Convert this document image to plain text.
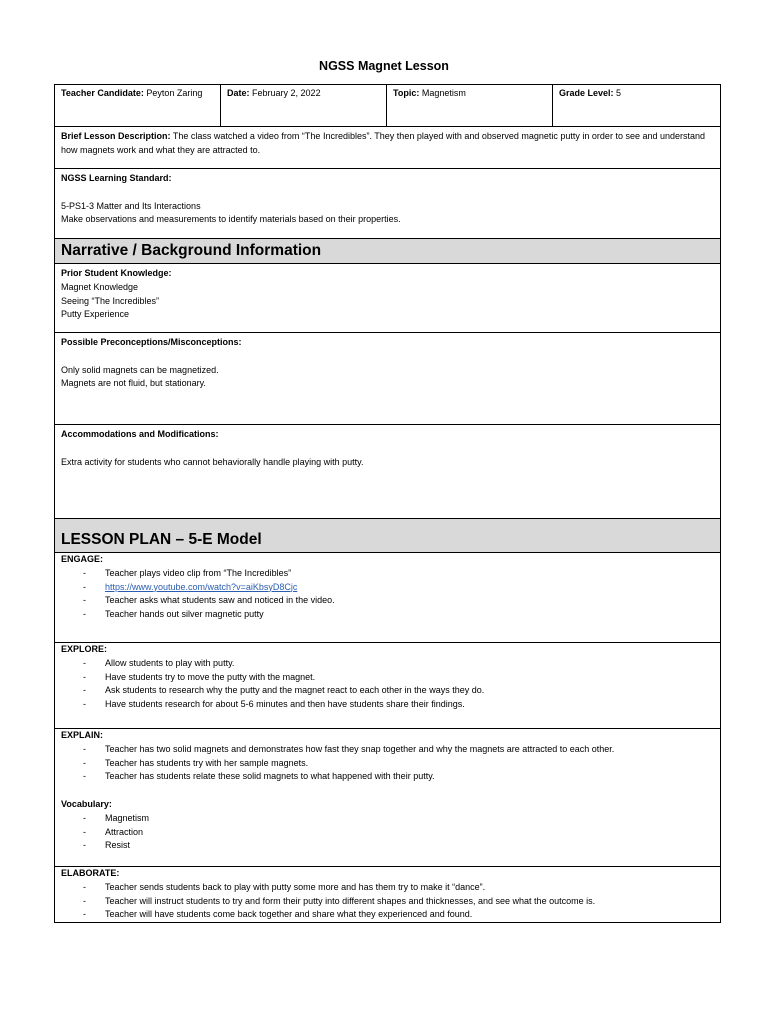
NGSS Magnet Lesson
Teacher Candidate: Peyton Zaring	Date: February 2, 2022	Topic: Magnetism	Grade Level: 5
Brief Lesson Description: The class watched a video from “The Incredibles”. They then played with and observed magnetic putty in order to see and understand how magnets work and what they are attracted to.
NGSS Learning Standard:
5-PS1-3 Matter and Its Interactions
Make observations and measurements to identify materials based on their properties.
Narrative / Background Information
Prior Student Knowledge:
Magnet Knowledge
Seeing “The Incredibles”
Putty Experience
Possible Preconceptions/Misconceptions:
Only solid magnets can be magnetized.
Magnets are not fluid, but stationary.
Accommodations and Modifications:
Extra activity for students who cannot behaviorally handle playing with putty.
LESSON PLAN – 5-E Model
ENGAGE:
- Teacher plays video clip from “The Incredibles”
- https://www.youtube.com/watch?v=aiKbsyD8Cjc
- Teacher asks what students saw and noticed in the video.
- Teacher hands out silver magnetic putty
EXPLORE:
- Allow students to play with putty.
- Have students try to move the putty with the magnet.
- Ask students to research why the putty and the magnet react to each other in the ways they do.
- Have students research for about 5-6 minutes and then have students share their findings.
EXPLAIN:
- Teacher has two solid magnets and demonstrates how fast they snap together and why the magnets are attracted to each other.
- Teacher has students try with her sample magnets.
- Teacher has students relate these solid magnets to what happened with their putty.
Vocabulary:
- Magnetism
- Attraction
- Resist
ELABORATE:
- Teacher sends students back to play with putty some more and has them try to make it “dance”.
- Teacher will instruct students to try and form their putty into different shapes and thicknesses, and see what the outcome is.
- Teacher will have students come back together and share what they experienced and found.
